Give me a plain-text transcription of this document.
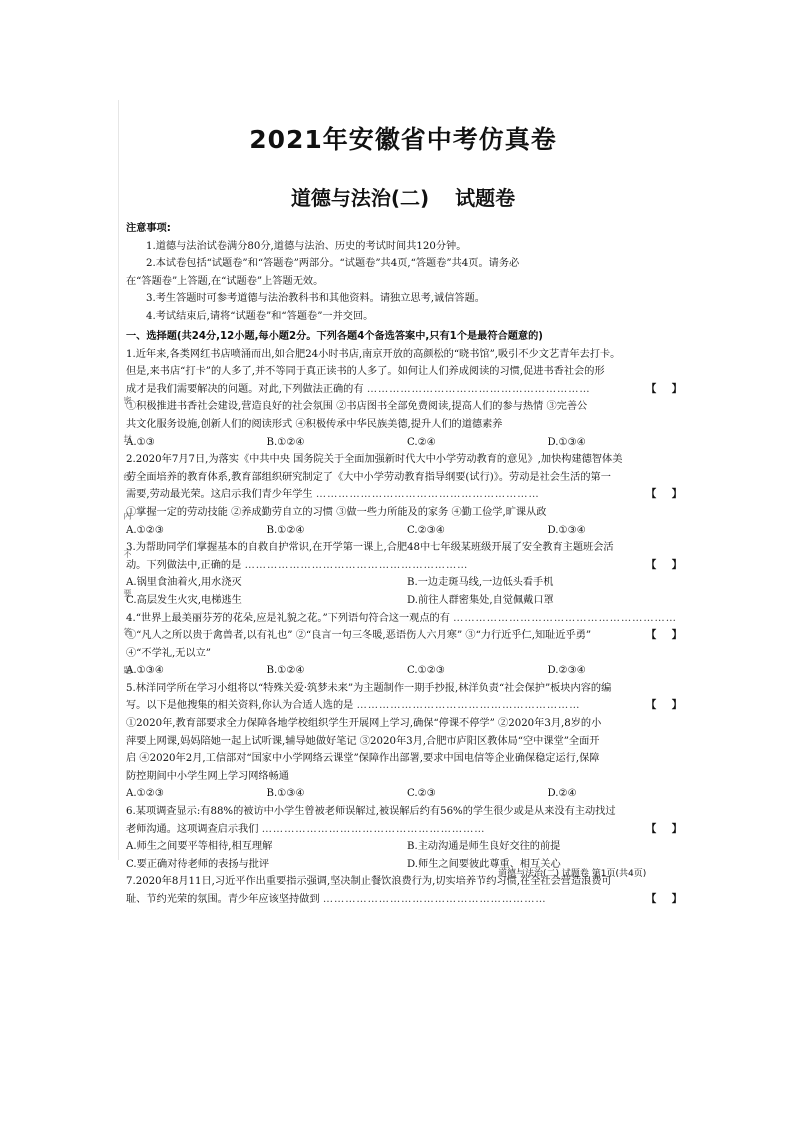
密 封 线 内 不 要 答 题
2021年安徽省中考仿真卷
道德与法治(二) 试题卷
注意事项:
1.道德与法治试卷满分80分,道德与法治、历史的考试时间共120分钟。
2.本试卷包括“试题卷”和“答题卷”两部分。“试题卷”共4页,“答题卷”共4页。请务必
在“答题卷”上答题,在“试题卷”上答题无效。
3.考生答题时可参考道德与法治教科书和其他资料。请独立思考,诚信答题。
4.考试结束后,请将“试题卷”和“答题卷”一并交回。
一、选择题(共24分,12小题,每小题2分。下列各题4个备选答案中,只有1个是最符合题意的)
1.近年来,各类网红书店喷涌而出,如合肥24小时书店,南京开放的高颜松的“晓书馆”,吸引不少文艺青年去打卡。
但是,来书店“打卡”的人多了,并不等同于真正读书的人多了。如何让人们养成阅读的习惯,促进书香社会的形
成才是我们需要解决的问题。对此,下列做法正确的有 ……………………………………………………	【 】
①积极推进书香社会建设,营造良好的社会氛围 ②书店图书全部免费阅读,提高人们的参与热情 ③完善公
共文化服务设施,创新人们的阅读形式 ④积极传承中华民族美德,提升人们的道德素养
A.①③	B.①②④	C.②④	D.①③④
2.2020年7月7日,为落实《中共中央 国务院关于全面加强新时代大中小学劳动教育的意见》,加快构建德智体美
劳全面培养的教育体系,教育部组织研究制定了《大中小学劳动教育指导纲要(试行)》。劳动是社会生活的第一
需要,劳动最光荣。这启示我们青少年学生 ……………………………………………………	【 】
①掌握一定的劳动技能 ②养成勤劳自立的习惯 ③做一些力所能及的家务 ④勤工俭学,旷课从政
A.①②③	B.①②④	C.②③④	D.①③④
3.为帮助同学们掌握基本的自救自护常识,在开学第一课上,合肥48中七年级某班级开展了安全教育主题班会活
动。下列做法中,正确的是 ……………………………………………………	【 】
A.锅里食油着火,用水浇灭	B.一边走斑马线,一边低头看手机
C.高层发生火灾,电梯逃生	D.前往人群密集处,自觉佩戴口罩
4.“世界上最美丽芬芳的花朵,应是礼貌之花。”下列语句符合这一观点的有 ……………………………………………………
【 】
①“凡人之所以贵于禽兽者,以有礼也” ②“良言一句三冬暖,恶语伤人六月寒” ③“力行近乎仁,知耻近乎勇”
④“不学礼,无以立”
A.①③④	B.①②④	C.①②③	D.②③④
5.林洋同学所在学习小组将以“特殊关爱·筑梦未来”为主题制作一期手抄报,林洋负责“社会保护”板块内容的编
写。以下是他搜集的相关资料,你认为合适人选的是 ……………………………………………………	【 】
①2020年,教育部要求全力保障各地学校组织学生开展网上学习,确保“停课不停学” ②2020年3月,8岁的小
萍要上网课,妈妈陪她一起上试听课,辅导她做好笔记 ③2020年3月,合肥市庐阳区教体局“空中课堂”全面开
启 ④2020年2月,工信部对“国家中小学网络云课堂”保障作出部署,要求中国电信等企业确保稳定运行,保障
防控期间中小学生网上学习网络畅通
A.①②③	B.①③④	C.②③	D.②④
6.某项调查显示:有88%的被访中小学生曾被老师误解过,被误解后约有56%的学生很少或是从来没有主动找过
老师沟通。这项调查启示我们 ……………………………………………………	【 】
A.师生之间要平等相待,相互理解	B.主动沟通是师生良好交往的前提
C.要正确对待老师的表扬与批评	D.师生之间要彼此尊重、相互关心
7.2020年8月11日,习近平作出重要指示强调,坚决制止餐饮浪费行为,切实培养节约习惯,在全社会营造浪费可
耻、节约光荣的氛围。青少年应该坚持做到 ……………………………………………………	【 】
道德与法治(二) 试题卷 第1页(共4页)
